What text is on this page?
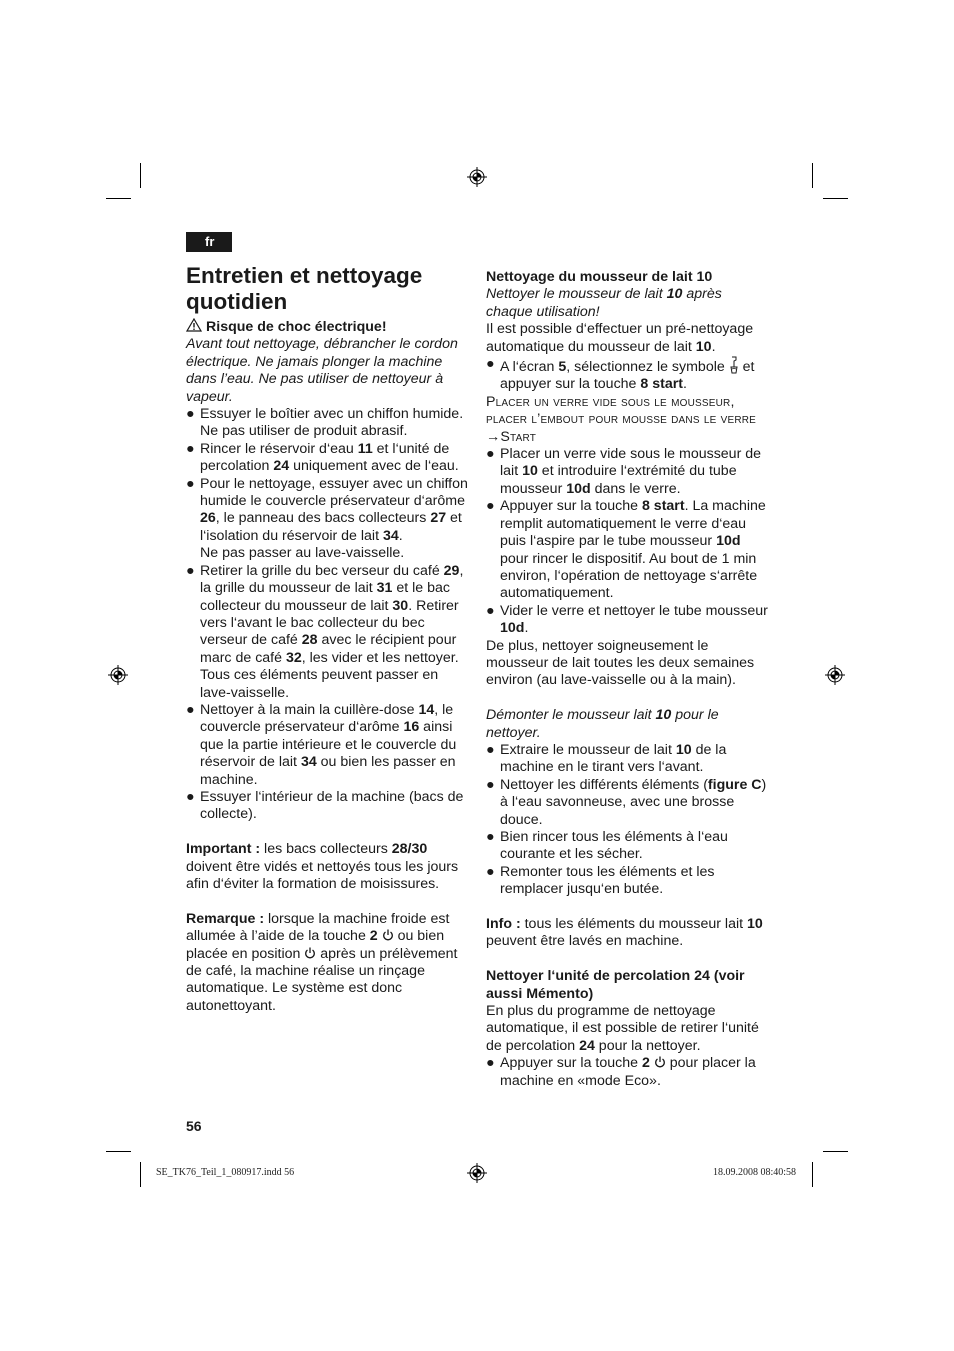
fr
Entretien et nettoyage quotidien
Risque de choc électrique!
Avant tout nettoyage, débrancher le cordon électrique. Ne jamais plonger la machine dans l’eau. Ne pas utiliser de nettoyeur à vapeur.
● Essuyer le boîtier avec un chiffon humide. Ne pas utiliser de produit abrasif.
● Rincer le réservoir d‘eau 11 et l‘unité de percolation 24 uniquement avec de l‘eau.
● Pour le nettoyage, essuyer avec un chiffon humide le couvercle préservateur d‘arôme 26, le panneau des bacs collecteurs 27 et l‘isolation du réservoir de lait 34.
Ne pas passer au lave-vaisselle.
● Retirer la grille du bec verseur du café 29, la grille du mousseur de lait 31 et le bac collecteur du mousseur de lait 30. Retirer vers l‘avant le bac collecteur du bec verseur de café 28 avec le récipient pour marc de café 32, les vider et les nettoyer. Tous ces éléments peuvent passer en lave-vaisselle.
● Nettoyer à la main la cuillère-dose 14, le couvercle préservateur d‘arôme 16 ainsi que la partie intérieure et le couvercle du réservoir de lait 34 ou bien les passer en machine.
● Essuyer l‘intérieur de la machine (bacs de collecte).
Important : les bacs collecteurs 28/30 doivent être vidés et nettoyés tous les jours afin d‘éviter la formation de moisissures.
Remarque : lorsque la machine froide est allumée à l’aide de la touche 2  ou bien placée en position  après un prélèvement de café, la machine réalise un rinçage automatique. Le système est donc autonettoyant.
Nettoyage du mousseur de lait 10
Nettoyer le mousseur de lait 10 après chaque utilisation!
Il est possible d‘effectuer un pré-nettoyage automatique du mousseur de lait 10.
● A l‘écran 5, sélectionnez le symbole  et appuyer sur la touche 8 start.
Placer un verre vide sous le mousseur, placer l’embout pour mousse dans le verre
→Start
● Placer un verre vide sous le mousseur de lait 10 et introduire l‘extrémité du tube mousseur 10d dans le verre.
● Appuyer sur la touche 8 start. La machine remplit automatiquement le verre d‘eau puis l‘aspire par le tube mousseur 10d pour rincer le dispositif. Au bout de 1 min environ, l‘opération de nettoyage s‘arrête automatiquement.
● Vider le verre et nettoyer le tube mousseur 10d.
De plus, nettoyer soigneusement le mousseur de lait toutes les deux semaines environ (au lave-vaisselle ou à la main).
Démonter le mousseur lait 10 pour le nettoyer.
● Extraire le mousseur de lait 10 de la machine en le tirant vers l‘avant.
● Nettoyer les différents éléments (figure C) à l‘eau savonneuse, avec une brosse douce.
● Bien rincer tous les éléments à l‘eau courante et les sécher.
● Remonter tous les éléments et les remplacer jusqu‘en butée.
Info : tous les éléments du mousseur lait 10 peuvent être lavés en machine.
Nettoyer l‘unité de percolation 24 (voir aussi Mémento)
En plus du programme de nettoyage automatique, il est possible de retirer l‘unité de percolation 24 pour la nettoyer.
● Appuyer sur la touche 2  pour placer la machine en «mode Eco».
56
SE_TK76_Teil_1_080917.indd 56	18.09.2008 08:40:58
